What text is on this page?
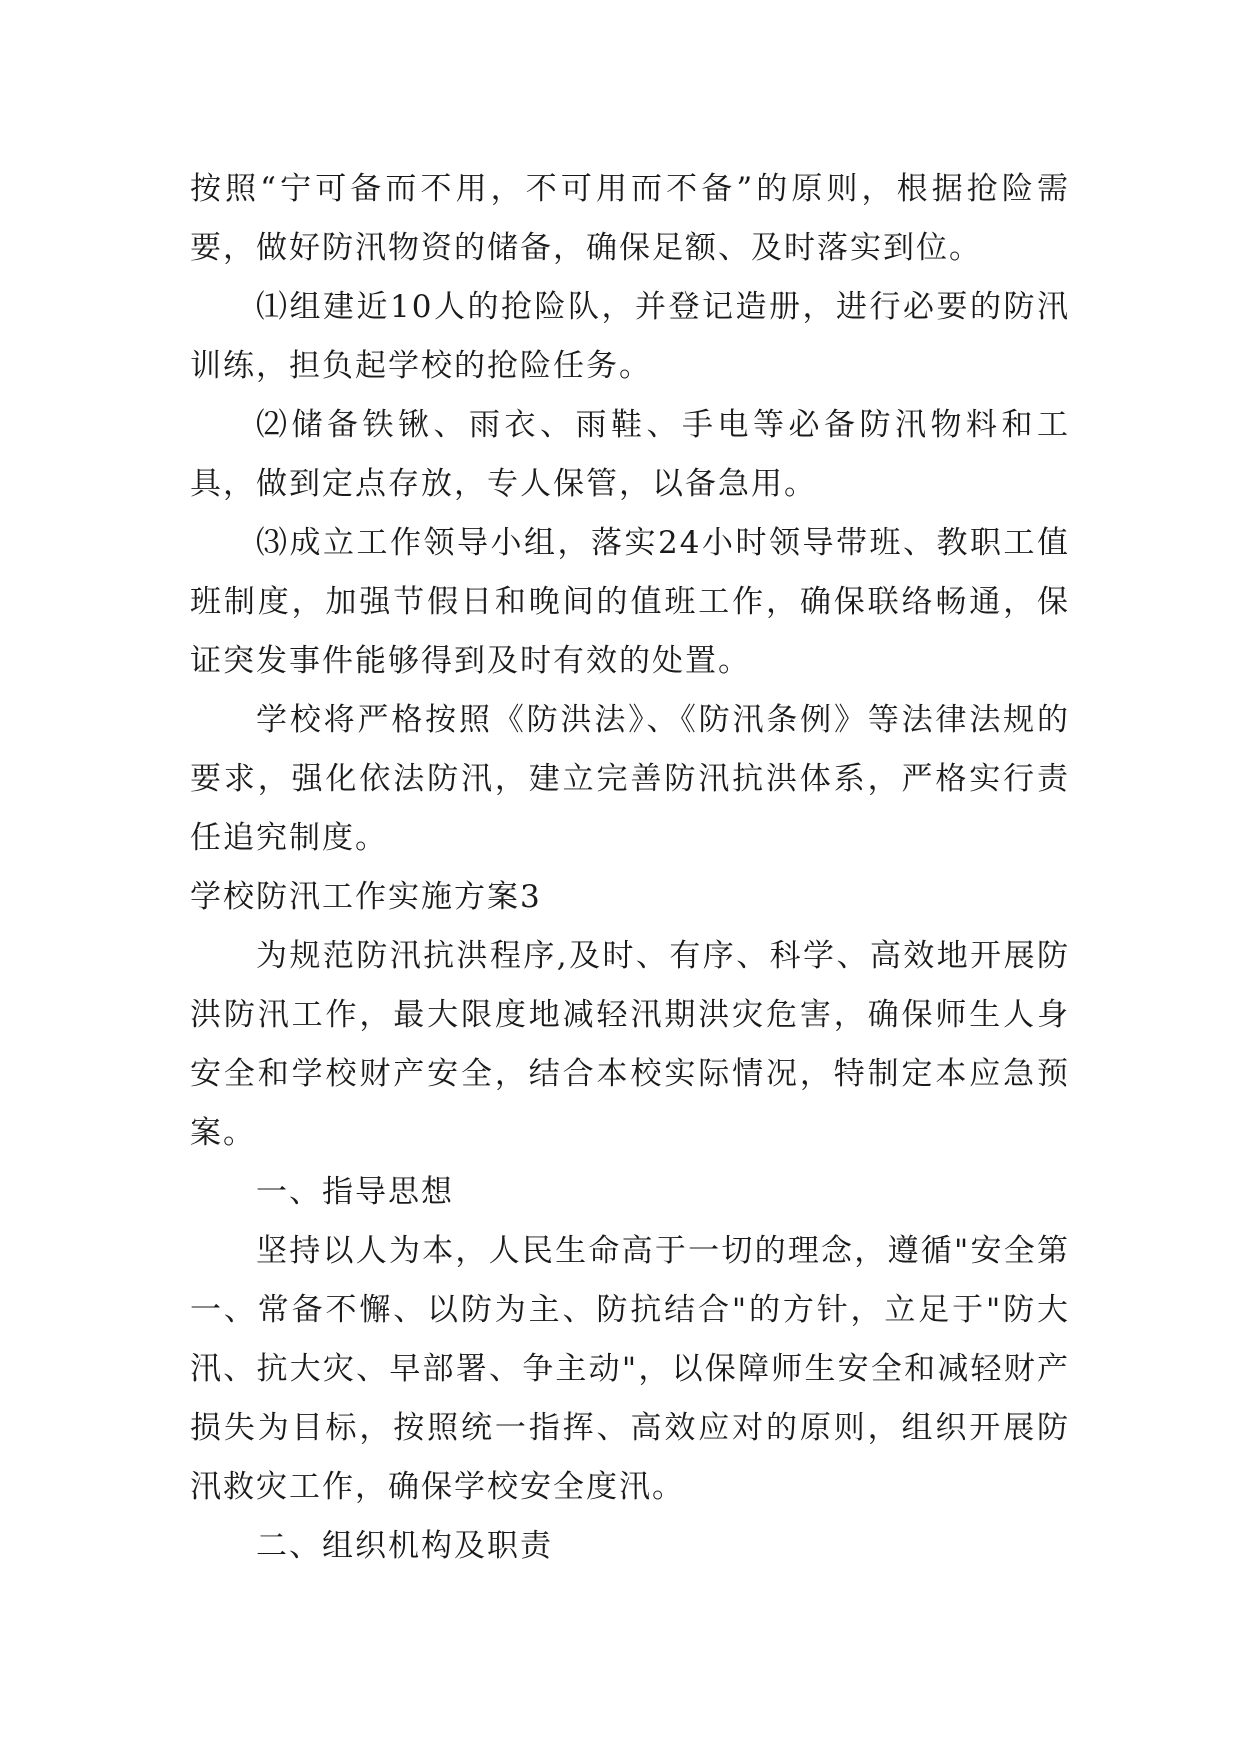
按照“宁可备而不用，不可用而不备”的原则，根据抢险需要，做好防汛物资的储备，确保足额、及时落实到位。

⑴组建近10人的抢险队，并登记造册，进行必要的防汛训练，担负起学校的抢险任务。

⑵储备铁锹、雨衣、雨鞋、手电等必备防汛物料和工具，做到定点存放，专人保管，以备急用。

⑶成立工作领导小组，落实24小时领导带班、教职工值班制度，加强节假日和晚间的值班工作，确保联络畅通，保证突发事件能够得到及时有效的处置。

学校将严格按照《防洪法》、《防汛条例》等法律法规的要求，强化依法防汛，建立完善防汛抗洪体系，严格实行责任追究制度。

学校防汛工作实施方案3

为规范防汛抗洪程序,及时、有序、科学、高效地开展防洪防汛工作，最大限度地减轻汛期洪灾危害，确保师生人身安全和学校财产安全，结合本校实际情况，特制定本应急预案。

一、指导思想

坚持以人为本，人民生命高于一切的理念，遵循"安全第一、常备不懈、以防为主、防抗结合"的方针，立足于"防大汛、抗大灾、早部署、争主动"，以保障师生安全和减轻财产损失为目标，按照统一指挥、高效应对的原则，组织开展防汛救灾工作，确保学校安全度汛。

二、组织机构及职责
